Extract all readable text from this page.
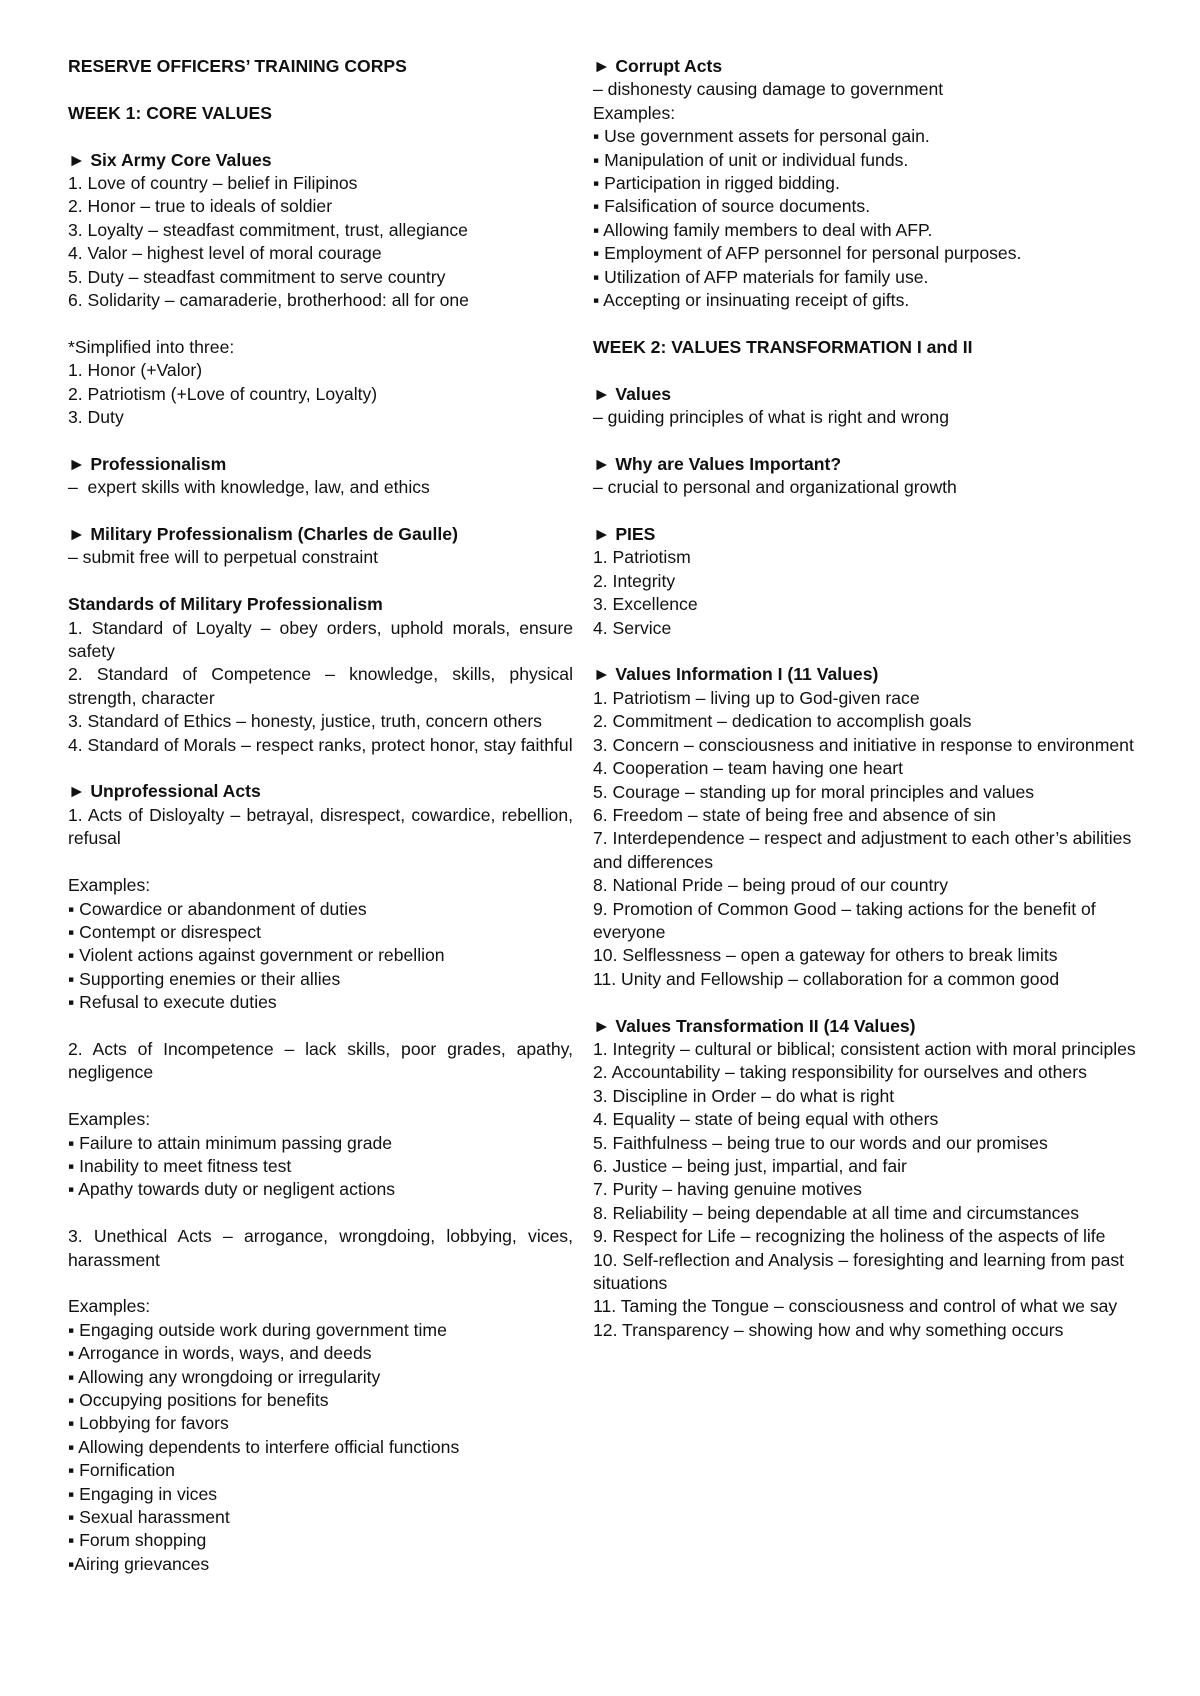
RESERVE OFFICERS’ TRAINING CORPS
WEEK 1: CORE VALUES
► Six Army Core Values
1. Love of country – belief in Filipinos
2. Honor – true to ideals of soldier
3. Loyalty – steadfast commitment, trust, allegiance
4. Valor – highest level of moral courage
5. Duty – steadfast commitment to serve country
6. Solidarity – camaraderie, brotherhood: all for one
*Simplified into three:
1. Honor (+Valor)
2. Patriotism (+Love of country, Loyalty)
3. Duty
► Professionalism
–  expert skills with knowledge, law, and ethics
► Military Professionalism (Charles de Gaulle)
– submit free will to perpetual constraint
Standards of Military Professionalism
1. Standard of Loyalty – obey orders, uphold morals, ensure safety
2. Standard of Competence – knowledge, skills, physical strength, character
3. Standard of Ethics – honesty, justice, truth, concern others
4. Standard of Morals – respect ranks, protect honor, stay faithful
► Unprofessional Acts
1. Acts of Disloyalty – betrayal, disrespect, cowardice, rebellion, refusal
Examples:
▪ Cowardice or abandonment of duties
▪ Contempt or disrespect
▪ Violent actions against government or rebellion
▪ Supporting enemies or their allies
▪ Refusal to execute duties
2. Acts of Incompetence – lack skills, poor grades, apathy, negligence
Examples:
▪ Failure to attain minimum passing grade
▪ Inability to meet fitness test
▪ Apathy towards duty or negligent actions
3. Unethical Acts – arrogance, wrongdoing, lobbying, vices, harassment
Examples:
▪ Engaging outside work during government time
▪ Arrogance in words, ways, and deeds
▪ Allowing any wrongdoing or irregularity
▪ Occupying positions for benefits
▪ Lobbying for favors
▪ Allowing dependents to interfere official functions
▪ Fornification
▪ Engaging in vices
▪ Sexual harassment
▪ Forum shopping
▪Airing grievances
► Corrupt Acts
– dishonesty causing damage to government
Examples:
▪ Use government assets for personal gain.
▪ Manipulation of unit or individual funds.
▪ Participation in rigged bidding.
▪ Falsification of source documents.
▪ Allowing family members to deal with AFP.
▪ Employment of AFP personnel for personal purposes.
▪ Utilization of AFP materials for family use.
▪ Accepting or insinuating receipt of gifts.
WEEK 2: VALUES TRANSFORMATION I and II
► Values
– guiding principles of what is right and wrong
► Why are Values Important?
– crucial to personal and organizational growth
► PIES
1. Patriotism
2. Integrity
3. Excellence
4. Service
► Values Information I (11 Values)
1. Patriotism – living up to God-given race
2. Commitment – dedication to accomplish goals
3. Concern – consciousness and initiative in response to environment
4. Cooperation – team having one heart
5. Courage – standing up for moral principles and values
6. Freedom – state of being free and absence of sin
7. Interdependence – respect and adjustment to each other’s abilities and differences
8. National Pride – being proud of our country
9. Promotion of Common Good – taking actions for the benefit of everyone
10. Selflessness – open a gateway for others to break limits
11. Unity and Fellowship – collaboration for a common good
► Values Transformation II (14 Values)
1. Integrity – cultural or biblical; consistent action with moral principles
2. Accountability – taking responsibility for ourselves and others
3. Discipline in Order – do what is right
4. Equality – state of being equal with others
5. Faithfulness – being true to our words and our promises
6. Justice – being just, impartial, and fair
7. Purity – having genuine motives
8. Reliability – being dependable at all time and circumstances
9. Respect for Life – recognizing the holiness of the aspects of life
10. Self-reflection and Analysis – foresighting and learning from past situations
11. Taming the Tongue – consciousness and control of what we say
12. Transparency – showing how and why something occurs
